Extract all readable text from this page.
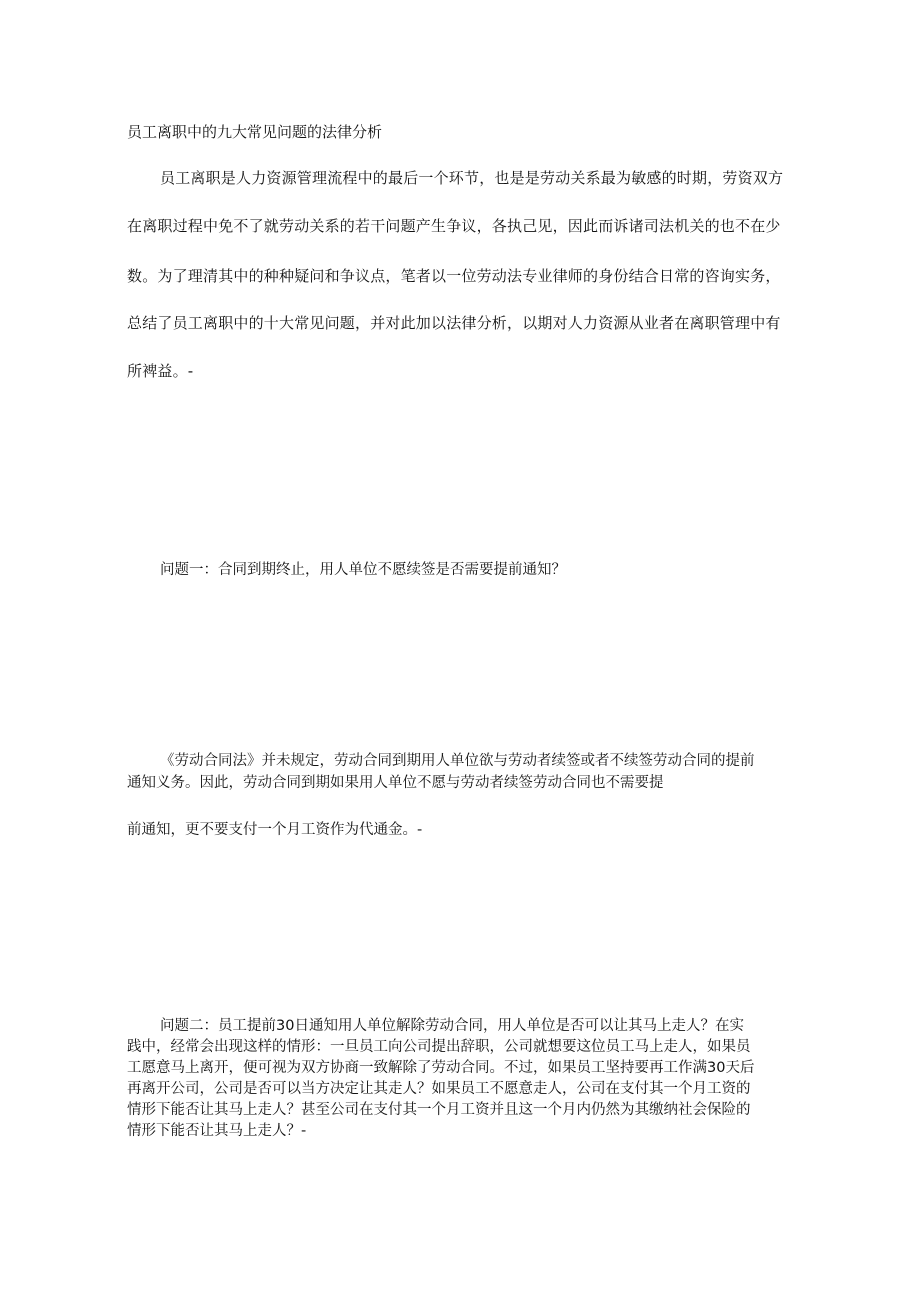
员工离职中的九大常见问题的法律分析
员工离职是人力资源管理流程中的最后一个环节，也是是劳动关系最为敏感的时期，劳资双方
在离职过程中免不了就劳动关系的若干问题产生争议，各执己见，因此而诉诸司法机关的也不在少
数。为了理清其中的种种疑问和争议点，笔者以一位劳动法专业律师的身份结合日常的咨询实务，
总结了员工离职中的十大常见问题，并对此加以法律分析，以期对人力资源从业者在离职管理中有
所裨益。-
问题一：合同到期终止，用人单位不愿续签是否需要提前通知？
《劳动合同法》并未规定，劳动合同到期用人单位欲与劳动者续签或者不续签劳动合同的提前
通知义务。因此，劳动合同到期如果用人单位不愿与劳动者续签劳动合同也不需要提
前通知，更不要支付一个月工资作为代通金。-
问题二：员工提前30日通知用人单位解除劳动合同，用人单位是否可以让其马上走人？在实
践中，经常会出现这样的情形：一旦员工向公司提出辞职，公司就想要这位员工马上走人，如果员
工愿意马上离开，便可视为双方协商一致解除了劳动合同。不过，如果员工坚持要再工作满30天后
再离开公司，公司是否可以当方决定让其走人？如果员工不愿意走人，公司在支付其一个月工资的
情形下能否让其马上走人？甚至公司在支付其一个月工资并且这一个月内仍然为其缴纳社会保险的
情形下能否让其马上走人？-
